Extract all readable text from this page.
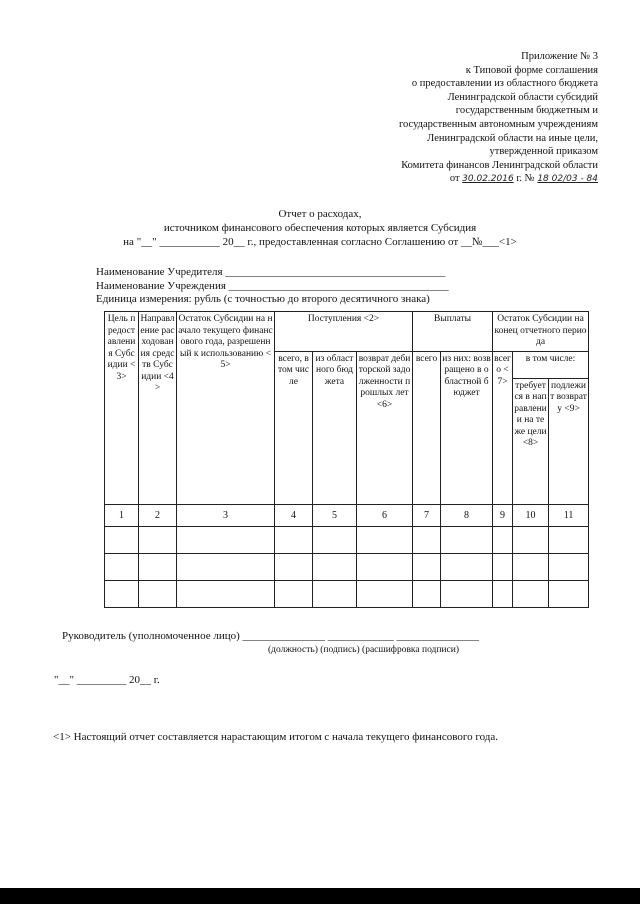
Приложение № 3
к Типовой форме соглашения
о предоставлении из областного бюджета
Ленинградской области субсидий
государственным бюджетным и
государственным автономным учреждениям
Ленинградской области на иные цели,
утвержденной приказом
Комитета финансов Ленинградской области
от 30.02.2016 г. № 18 02/03 - 84
Отчет о расходах,
источником финансового обеспечения которых является Субсидия
на "__" ___________ 20__ г., предоставленная согласно Соглашению от __№___<1>
Наименование Учредителя ________________________________________
Наименование Учреждения ________________________________________
Единица измерения: рубль (с точностью до второго десятичного знака)
Цель предоставления Субсидии <3>	Направление расходования средств Субсидии <4>	Остаток Субсидии на начало текущего финансового года, разрешенный к использованию <5>	Поступления <2>			Выплаты		Остаток Субсидии на конец отчетного периода		
			всего, в том числе	из областного бюджета	возврат дебиторской задолженности прошлых лет <6>	всего	из них: возвращено в областной бюджет	всего <7>	в том числе:	
									требуется в направлении на те же цели <8>	подлежит возврату <9>
1	2	3	4	5	6	7	8	9	10	11

Руководитель (уполномоченное лицо) _______________ ____________ _______________
(должность) (подпись) (расшифровка подписи)
"__" _________ 20__ г.
<1> Настоящий отчет составляется нарастающим итогом с начала текущего финансового года.
